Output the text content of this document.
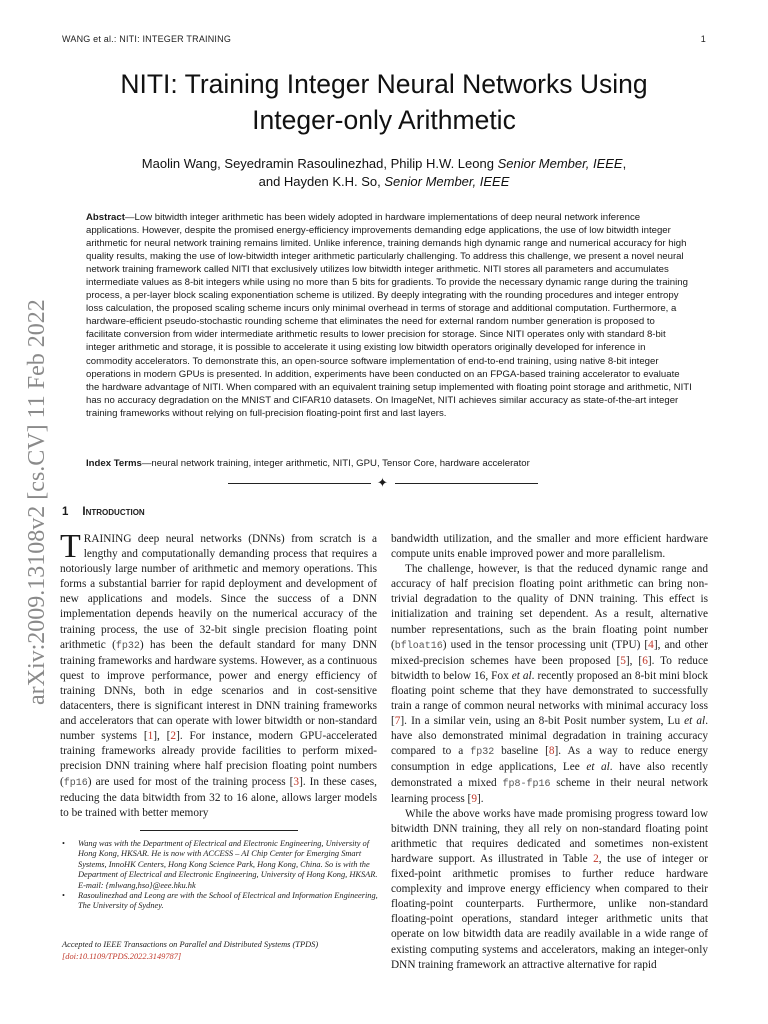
WANG et al.: NITI: INTEGER TRAINING	1
arXiv:2009.13108v2 [cs.CV] 11 Feb 2022
NITI: Training Integer Neural Networks Using
Integer-only Arithmetic
Maolin Wang, Seyedramin Rasoulinezhad, Philip H.W. Leong Senior Member, IEEE,
and Hayden K.H. So, Senior Member, IEEE
Abstract—Low bitwidth integer arithmetic has been widely adopted in hardware implementations of deep neural network inference applications. However, despite the promised energy-efficiency improvements demanding edge applications, the use of low bitwidth integer arithmetic for neural network training remains limited. Unlike inference, training demands high dynamic range and numerical accuracy for high quality results, making the use of low-bitwidth integer arithmetic particularly challenging. To address this challenge, we present a novel neural network training framework called NITI that exclusively utilizes low bitwidth integer arithmetic. NITI stores all parameters and accumulates intermediate values as 8-bit integers while using no more than 5 bits for gradients. To provide the necessary dynamic range during the training process, a per-layer block scaling exponentiation scheme is utilized. By deeply integrating with the rounding procedures and integer entropy loss calculation, the proposed scaling scheme incurs only minimal overhead in terms of storage and additional computation. Furthermore, a hardware-efficient pseudo-stochastic rounding scheme that eliminates the need for external random number generation is proposed to facilitate conversion from wider intermediate arithmetic results to lower precision for storage. Since NITI operates only with standard 8-bit integer arithmetic and storage, it is possible to accelerate it using existing low bitwidth operators originally developed for inference in commodity accelerators. To demonstrate this, an open-source software implementation of end-to-end training, using native 8-bit integer operations in modern GPUs is presented. In addition, experiments have been conducted on an FPGA-based training accelerator to evaluate the hardware advantage of NITI. When compared with an equivalent training setup implemented with floating point storage and arithmetic, NITI has no accuracy degradation on the MNIST and CIFAR10 datasets. On ImageNet, NITI achieves similar accuracy as state-of-the-art integer training frameworks without relying on full-precision floating-point first and last layers.
Index Terms—neural network training, integer arithmetic, NITI, GPU, Tensor Core, hardware accelerator
✦
1 Introduction

TRAINING deep neural networks (DNNs) from scratch is a lengthy and computationally demanding process that requires a notoriously large number of arithmetic and memory operations. This forms a substantial barrier for rapid deployment and development of new applications and models. Since the success of a DNN implementation depends heavily on the numerical accuracy of the training process, the use of 32-bit single precision floating point arithmetic (fp32) has been the default standard for many DNN training frameworks and hardware systems. However, as a continuous quest to improve performance, power and energy efficiency of training DNNs, both in edge scenarios and in cost-sensitive datacenters, there is significant interest in DNN training frameworks and accelerators that can operate with lower bitwidth or non-standard number systems [1], [2]. For instance, modern GPU-accelerated training frameworks already provide facilities to perform mixed-precision DNN training where half precision floating point numbers (fp16) are used for most of the training process [3]. In these cases, reducing the data bitwidth from 32 to 16 alone, allows larger models to be trained with better memory

bandwidth utilization, and the smaller and more efficient hardware compute units enable improved power and more parallelism.

The challenge, however, is that the reduced dynamic range and accuracy of half precision floating point arithmetic can bring non-trivial degradation to the quality of DNN training. This effect is initialization and training set dependent. As a result, alternative number representations, such as the brain floating point number (bfloat16) used in the tensor processing unit (TPU) [4], and other mixed-precision schemes have been proposed [5], [6]. To reduce bitwidth to below 16, Fox et al. recently proposed an 8-bit mini block floating point scheme that they have demonstrated to successfully train a range of common neural networks with minimal accuracy loss [7]. In a similar vein, using an 8-bit Posit number system, Lu et al. have also demonstrated minimal degradation in training accuracy compared to a fp32 baseline [8]. As a way to reduce energy consumption in edge applications, Lee et al. have also recently demonstrated a mixed fp8-fp16 scheme in their neural network learning process [9].

While the above works have made promising progress toward low bitwidth DNN training, they all rely on non-standard floating point arithmetic that requires dedicated and sometimes non-existent hardware support. As illustrated in Table 2, the use of integer or fixed-point arithmetic promises to further reduce hardware complexity and improve energy efficiency when compared to their floating-point counterparts. Furthermore, unlike non-standard floating-point operations, standard integer arithmetic units that operate on low bitwidth data are readily available in a wide range of existing computing systems and accelerators, making an integer-only DNN training framework an attractive alternative for rapid

• Wang was with the Department of Electrical and Electronic Engineering, University of Hong Kong, HKSAR. He is now with ACCESS – AI Chip Center for Emerging Smart Systems, InnoHK Centers, Hong Kong Science Park, Hong Kong, China. So is with the Department of Electrical and Electronic Engineering, University of Hong Kong, HKSAR.
E-mail: {mlwang,hso}@eee.hku.hk
• Rasoulinezhad and Leong are with the School of Electrical and Information Engineering, The University of Sydney.
Accepted to IEEE Transactions on Parallel and Distributed Systems (TPDS)
[doi:10.1109/TPDS.2022.3149787]
